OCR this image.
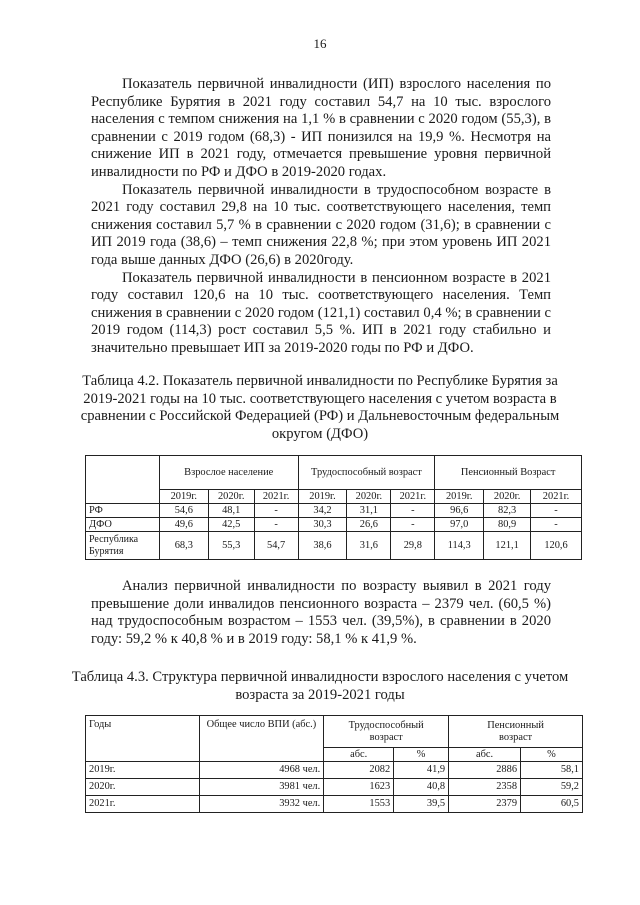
16

Показатель первичной инвалидности (ИП) взрослого населения по Республике Бурятия в 2021 году составил 54,7 на 10 тыс. взрослого населения с темпом снижения на 1,1 % в сравнении с 2020 годом (55,3), в сравнении с 2019 годом (68,3) - ИП понизился на 19,9 %. Несмотря на снижение ИП в 2021 году, отмечается превышение уровня первичной инвалидности по РФ и ДФО в 2019-2020 годах.

Показатель первичной инвалидности в трудоспособном возрасте в 2021 году составил 29,8 на 10 тыс. соответствующего населения, темп снижения составил 5,7 % в сравнении с 2020 годом (31,6); в сравнении с ИП 2019 года (38,6) – темп снижения 22,8 %; при этом уровень ИП 2021 года выше данных ДФО (26,6) в 2020году.

Показатель первичной инвалидности в пенсионном возрасте в 2021 году составил 120,6 на 10 тыс. соответствующего населения. Темп снижения в сравнении с 2020 годом (121,1) составил 0,4 %; в сравнении с 2019 годом (114,3) рост составил 5,5 %. ИП в 2021 году стабильно и значительно превышает ИП за 2019-2020 годы по РФ и ДФО.

Таблица 4.2. Показатель первичной инвалидности по Республике Бурятия за 2019-2021 годы на 10 тыс. соответствующего населения с учетом возраста в сравнении с Российской Федерацией (РФ) и Дальневосточным федеральным округом (ДФО)
	Взрослое население			Трудоспособный возраст			Пенсионный Возраст		
	2019г.	2020г.	2021г.	2019г.	2020г.	2021г.	2019г.	2020г.	2021г.
РФ	54,6	48,1	-	34,2	31,1	-	96,6	82,3	-
ДФО	49,6	42,5	-	30,3	26,6	-	97,0	80,9	-
Республика Бурятия	68,3	55,3	54,7	38,6	31,6	29,8	114,3	121,1	120,6

Анализ первичной инвалидности по возрасту выявил в 2021 году превышение доли инвалидов пенсионного возраста – 2379 чел. (60,5 %) над трудоспособным возрастом – 1553 чел. (39,5%), в сравнении в 2020 году: 59,2 % к 40,8 % и в 2019 году: 58,1 % к 41,9 %.

Таблица 4.3. Структура первичной инвалидности взрослого населения с учетом возраста за 2019-2021 годы
Годы	Общее число ВПИ (абс.)	Трудоспособный возраст		Пенсионный возраст	
		абс.	%	абс.	%
2019г.	4968 чел.	2082	41,9	2886	58,1
2020г.	3981 чел.	1623	40,8	2358	59,2
2021г.	3932 чел.	1553	39,5	2379	60,5
